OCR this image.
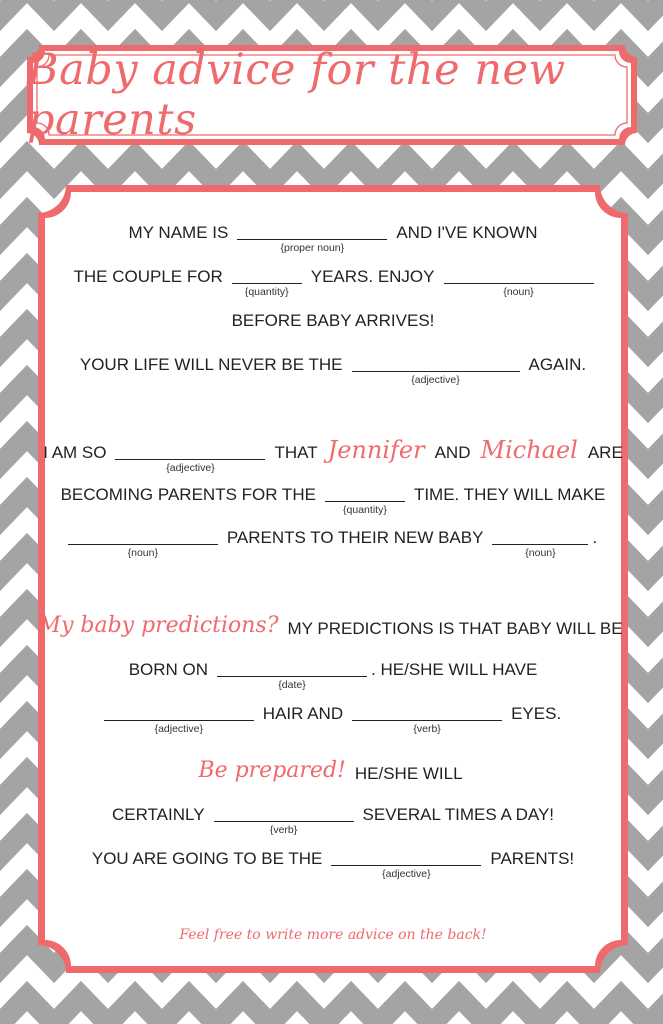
Baby advice for the new parents
MY NAME IS
{proper noun}
AND I'VE KNOWN
THE COUPLE FOR
{quantity}
YEARS. ENJOY
{noun}
BEFORE BABY ARRIVES!
YOUR LIFE WILL NEVER BE THE
{adjective}
AGAIN.
I AM SO
{adjective}
THAT Jennifer AND Michael ARE
BECOMING PARENTS FOR THE
{quantity}
TIME. THEY WILL MAKE
{noun}
PARENTS TO THEIR NEW BABY
{noun}
.
My baby predictions? MY PREDICTIONS IS THAT BABY WILL BE
BORN ON
{date}
. HE/SHE WILL HAVE
{adjective}
HAIR AND
{verb}
EYES.
Be prepared! HE/SHE WILL
CERTAINLY
{verb}
SEVERAL TIMES A DAY!
YOU ARE GOING TO BE THE
{adjective}
PARENTS!
Feel free to write more advice on the back!
